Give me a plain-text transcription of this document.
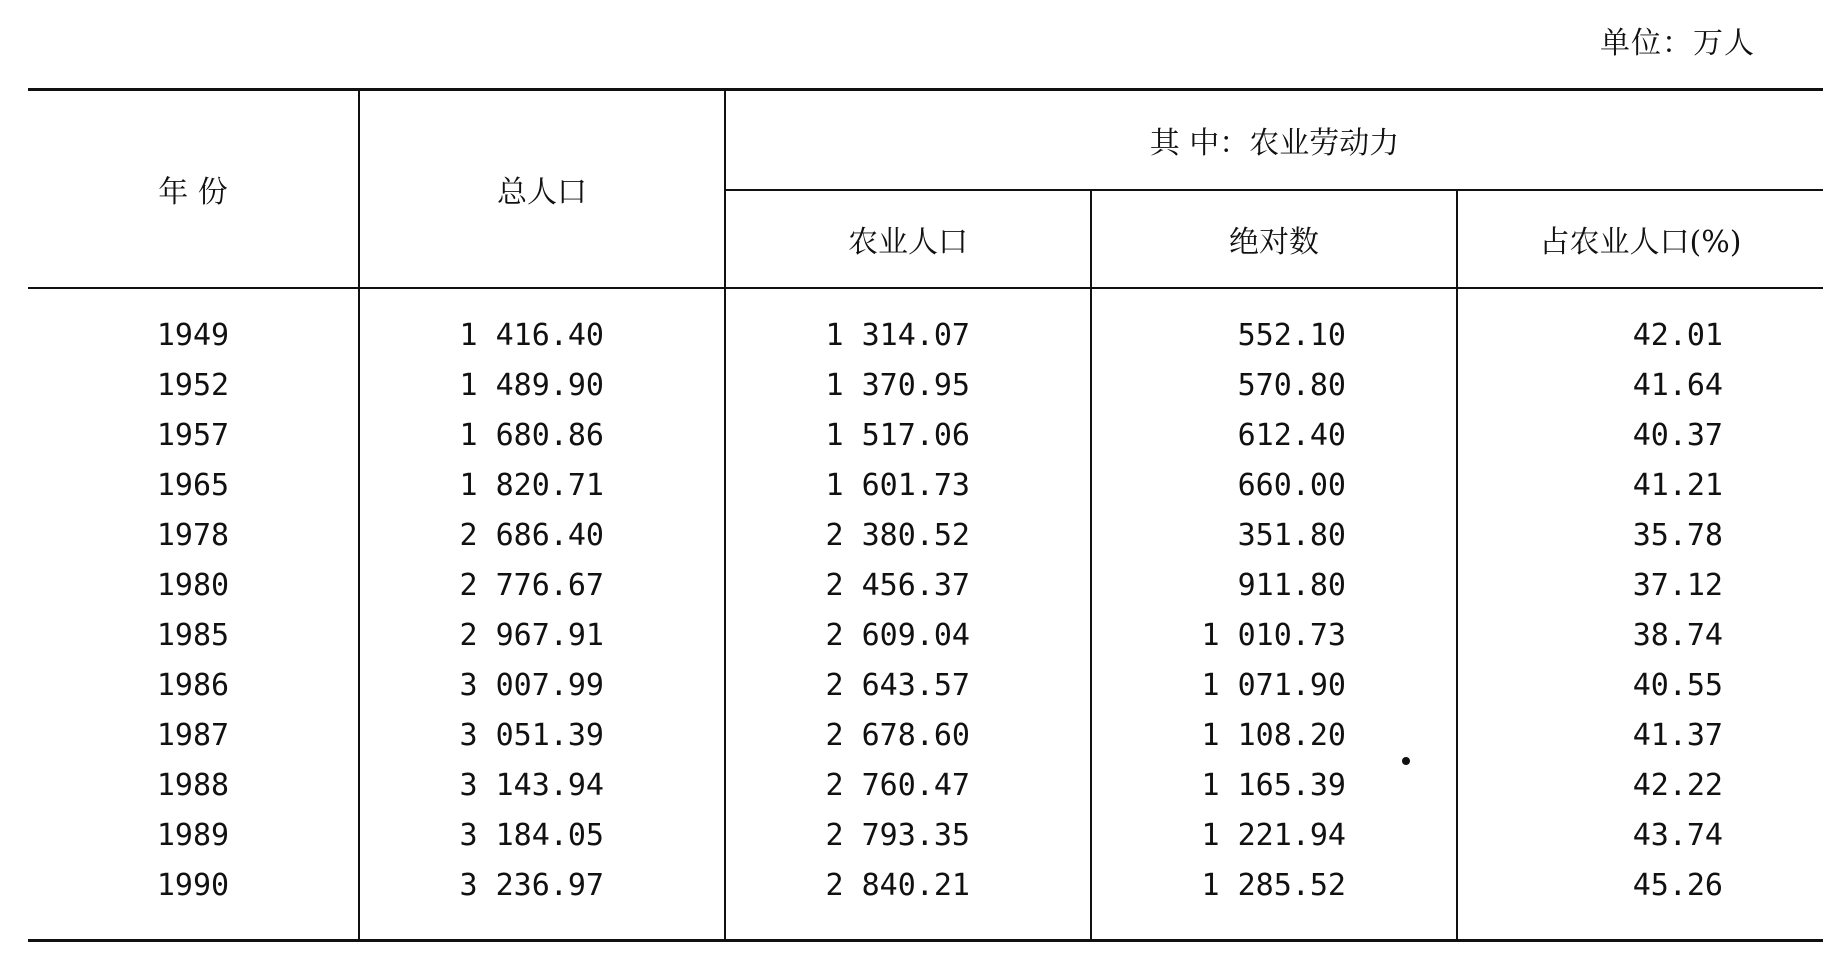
单位：万人
年 份	总人口	其 中：农业劳动力		
		农业人口	绝对数	占农业人口(%)
1949	1 416.40	1 314.07	552.10	42.01
1952	1 489.90	1 370.95	570.80	41.64
1957	1 680.86	1 517.06	612.40	40.37
1965	1 820.71	1 601.73	660.00	41.21
1978	2 686.40	2 380.52	351.80	35.78
1980	2 776.67	2 456.37	911.80	37.12
1985	2 967.91	2 609.04	1 010.73	38.74
1986	3 007.99	2 643.57	1 071.90	40.55
1987	3 051.39	2 678.60	1 108.20	41.37
1988	3 143.94	2 760.47	1 165.39	42.22
1989	3 184.05	2 793.35	1 221.94	43.74
1990	3 236.97	2 840.21	1 285.52	45.26
